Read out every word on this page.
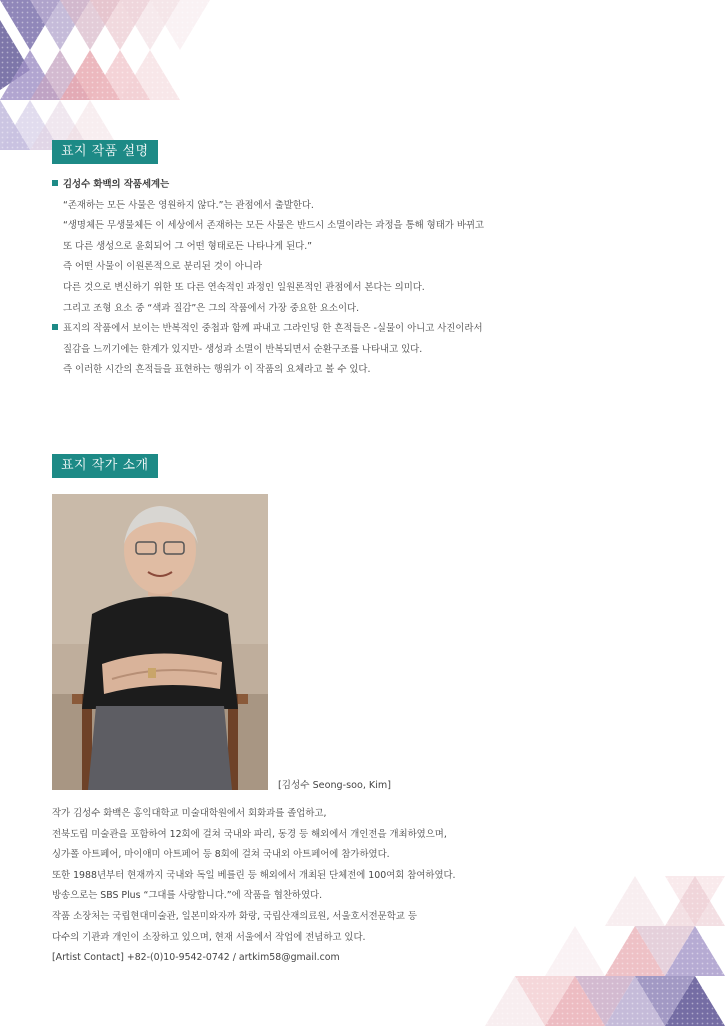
표지 작품 설명
김성수 화백의 작품세계는
“존재하는 모든 사물은 영원하지 않다.”는 관점에서 출발한다.
“생명체든 무생물체든 이 세상에서 존재하는 모든 사물은 반드시 소멸이라는 과정을 통해 형태가 바뀌고
또 다른 생성으로 윤회되어 그 어떤 형태로든 나타나게 된다.”
즉 어떤 사물이 이원론적으로 분리된 것이 아니라
다른 것으로 변신하기 위한 또 다른 연속적인 과정인 일원론적인 관점에서 본다는 의미다.
그리고 조형 요소 중 “색과 질감”은 그의 작품에서 가장 중요한 요소이다.
표지의 작품에서 보이는 반복적인 중첩과 함께 파내고 그라인딩 한 흔적들은 -실물이 아니고 사진이라서
질감을 느끼기에는 한계가 있지만- 생성과 소멸이 반복되면서 순환구조를 나타내고 있다.
즉 이러한 시간의 흔적들을 표현하는 행위가 이 작품의 요체라고 볼 수 있다.
표지 작가 소개
[김성수 Seong-soo, Kim]
작가 김성수 화백은 홍익대학교 미술대학원에서 회화과를 졸업하고,
전북도립 미술관을 포함하여 12회에 걸쳐 국내와 파리, 동경 등 해외에서 개인전을 개최하였으며,
싱가폴 아트페어, 마이애미 아트페어 등 8회에 걸쳐 국내외 아트페어에 참가하였다.
또한 1988년부터 현재까지 국내와 독일 베를린 등 해외에서 개최된 단체전에 100여회 참여하였다.
방송으로는 SBS Plus “그대를 사랑합니다.”에 작품을 협찬하였다.
작품 소장처는 국립현대미술관, 일본미와자까 화랑, 국립산재의료원, 서울호서전문학교 등
다수의 기관과 개인이 소장하고 있으며, 현재 서울에서 작업에 전념하고 있다.
[Artist Contact] +82-(0)10-9542-0742 / artkim58@gmail.com
